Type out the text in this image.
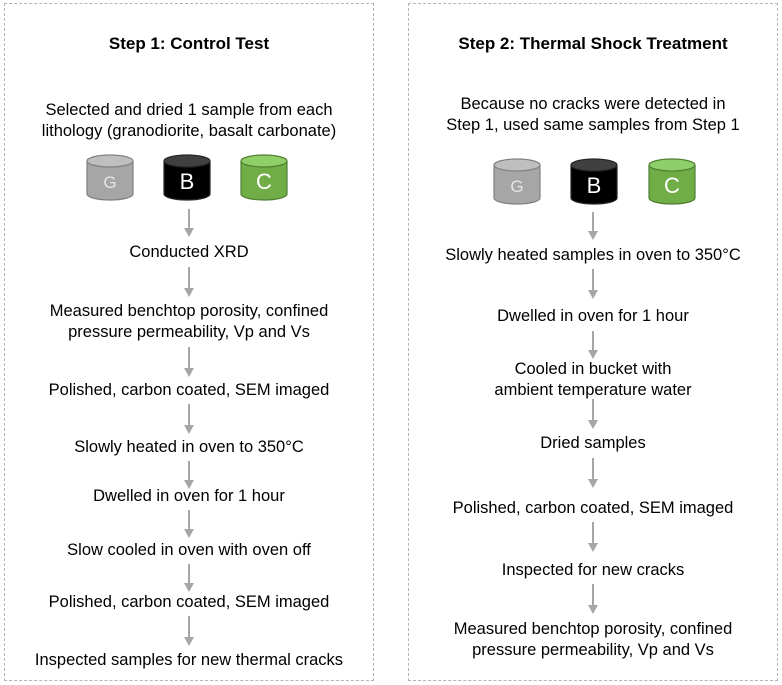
Step 1: Control Test
Selected and dried 1 sample from each
lithology (granodiorite, basalt carbonate)
G	B	C
Conducted XRD
Measured benchtop porosity, confined
pressure permeability, Vp and Vs
Polished, carbon coated, SEM imaged
Slowly heated in oven to 350°C
Dwelled in oven for 1 hour
Slow cooled in oven with oven off
Polished, carbon coated, SEM imaged
Inspected samples for new thermal cracks
Step 2: Thermal Shock Treatment
Because no cracks were detected in
Step 1, used same samples from Step 1
G	B	C
Slowly heated samples in oven to 350°C
Dwelled in oven for 1 hour
Cooled in bucket with
ambient temperature water
Dried samples
Polished, carbon coated, SEM imaged
Inspected for new cracks
Measured benchtop porosity, confined
pressure permeability, Vp and Vs
